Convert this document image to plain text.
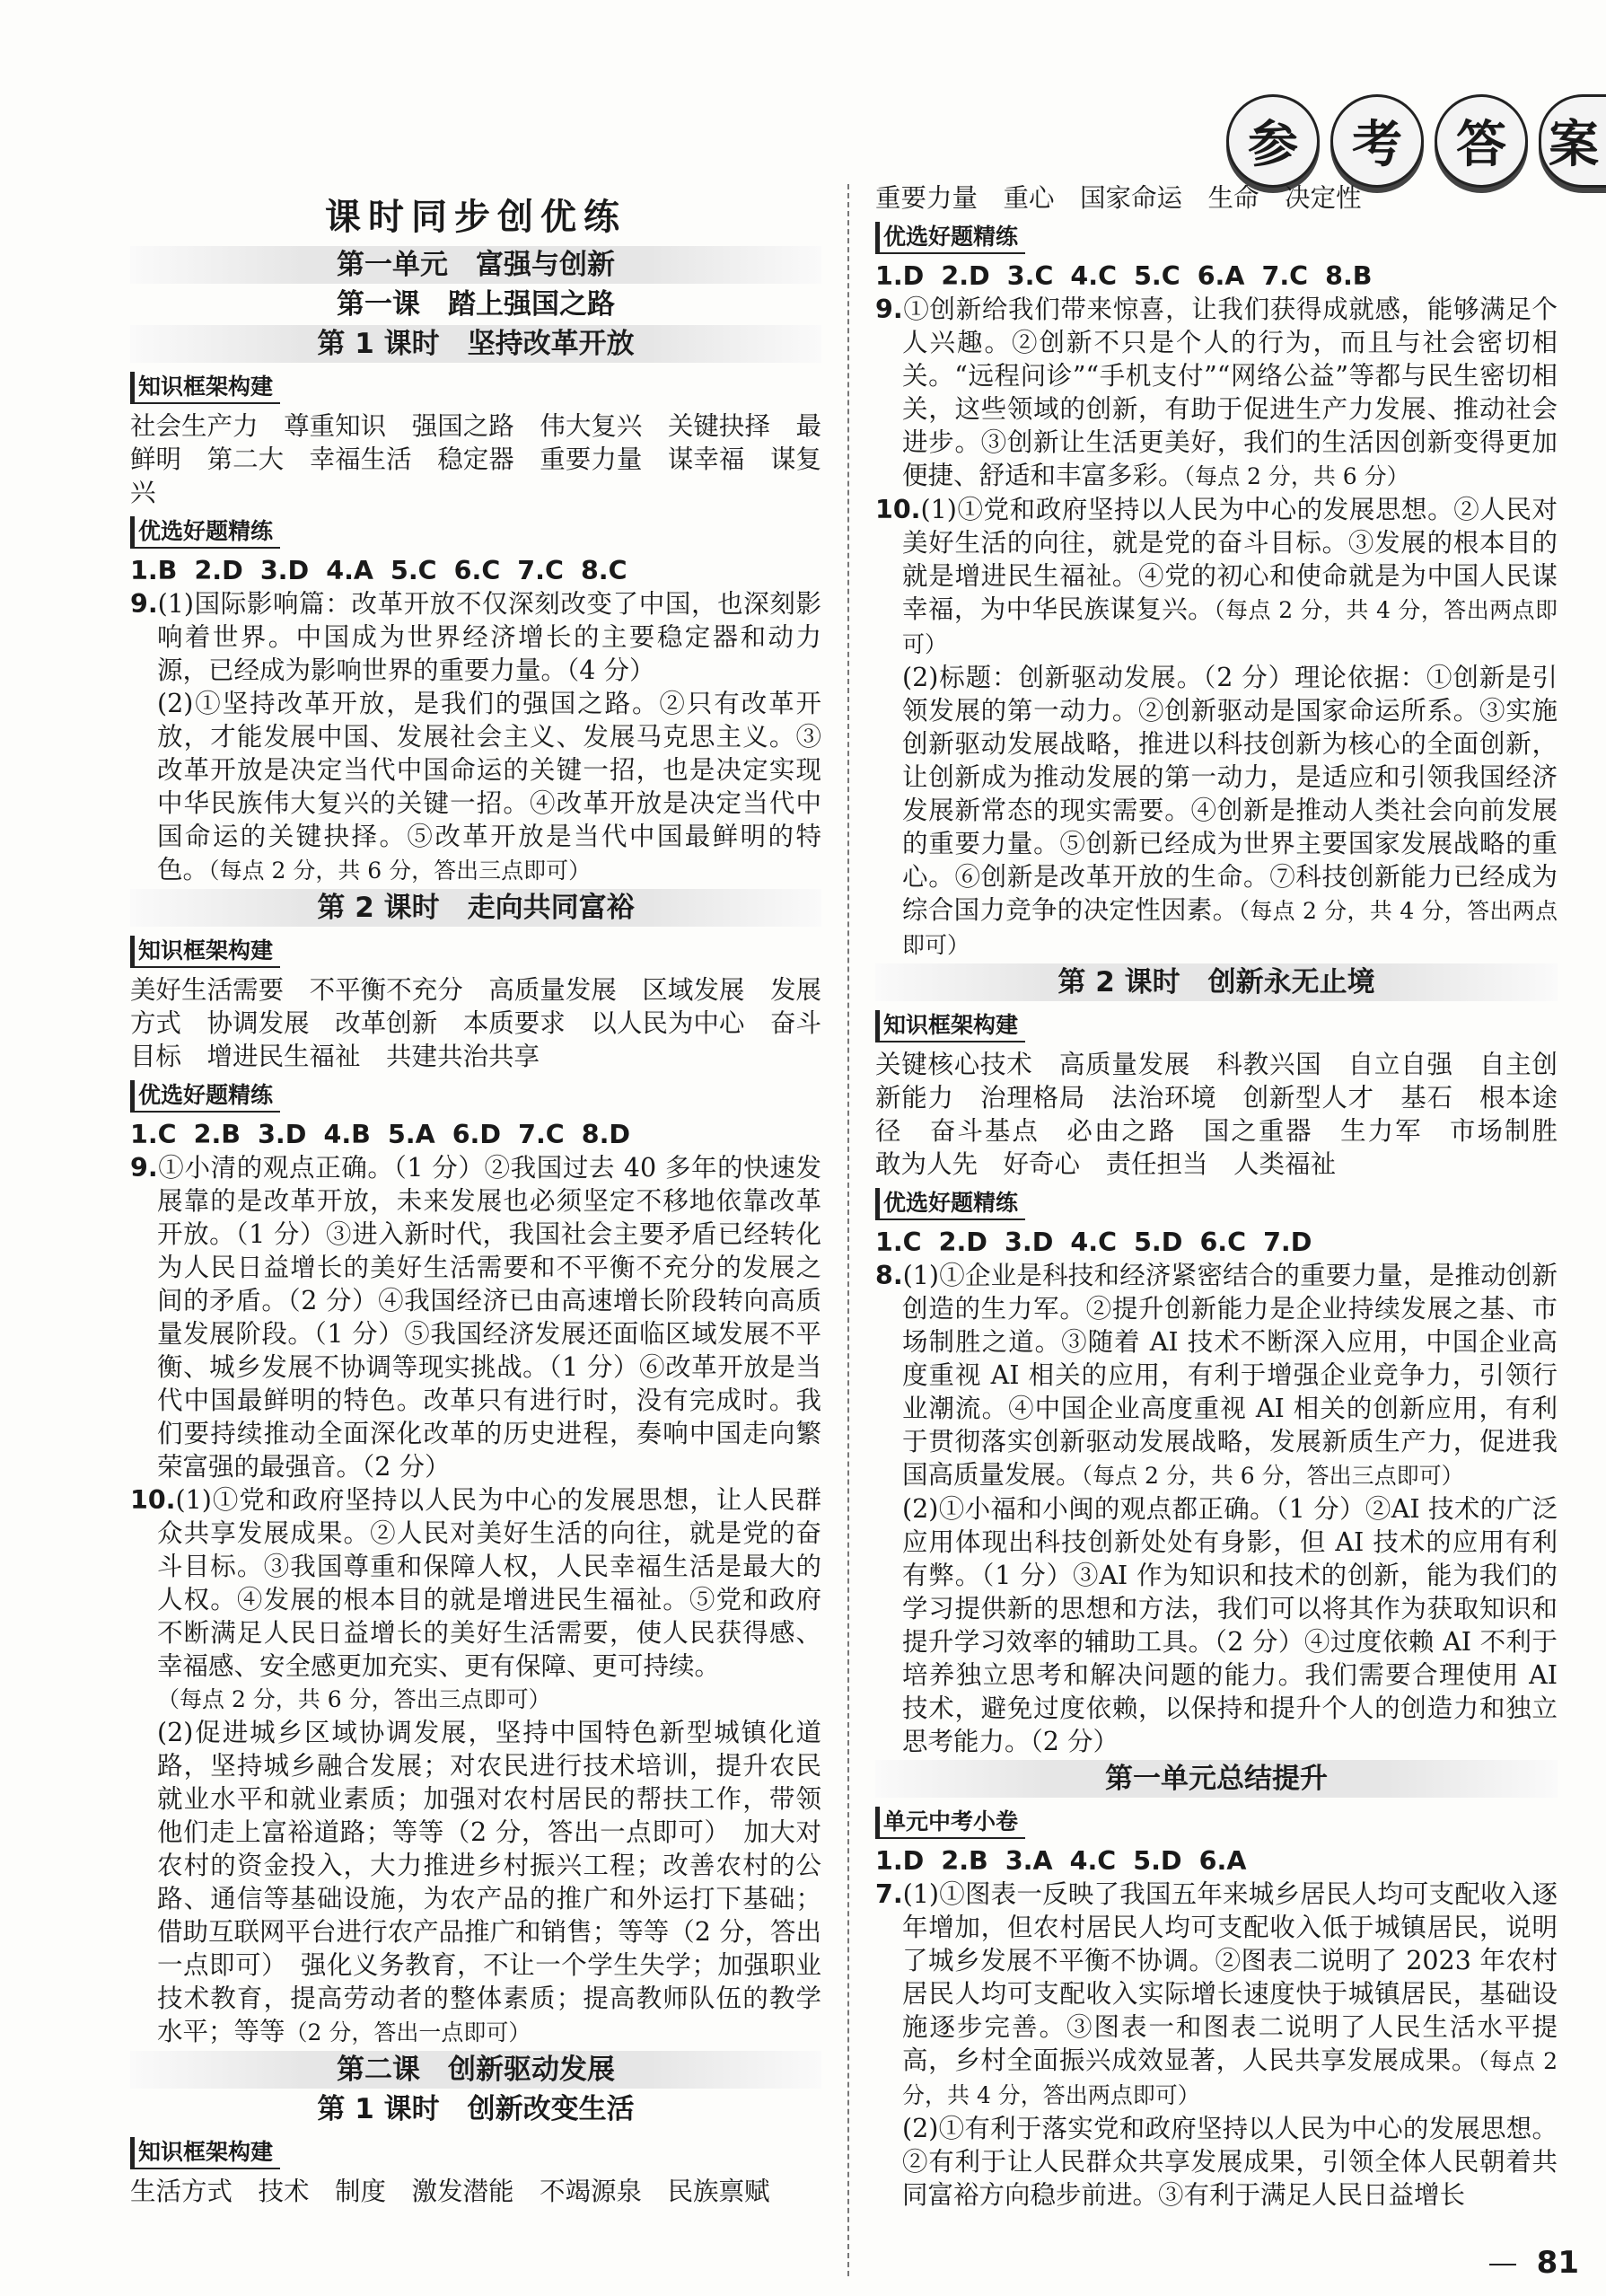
参	考	答 案
课时同步创优练
第一单元　富强与创新
第一课　踏上强国之路
第 1 课时　坚持改革开放
知识框架构建

社会生产力　尊重知识　强国之路　伟大复兴　关键抉择　最鲜明　第二大　幸福生活　稳定器　重要力量　谋幸福　谋复兴

优选好题精练

1.B 2.D 3.D 4.A 5.C 6.C 7.C 8.C

9.(1)国际影响篇：改革开放不仅深刻改变了中国，也深刻影响着世界。中国成为世界经济增长的主要稳定器和动力源，已经成为影响世界的重要力量。（4 分）

(2)①坚持改革开放，是我们的强国之路。②只有改革开放，才能发展中国、发展社会主义、发展马克思主义。③改革开放是决定当代中国命运的关键一招，也是决定实现中华民族伟大复兴的关键一招。④改革开放是决定当代中国命运的关键抉择。⑤改革开放是当代中国最鲜明的特色。（每点 2 分，共 6 分，答出三点即可）

第 2 课时　走向共同富裕
知识框架构建

美好生活需要　不平衡不充分　高质量发展　区域发展　发展方式　协调发展　改革创新　本质要求　以人民为中心　奋斗目标　增进民生福祉　共建共治共享

优选好题精练

1.C 2.B 3.D 4.B 5.A 6.D 7.C 8.D

9.①小清的观点正确。（1 分）②我国过去 40 多年的快速发展靠的是改革开放，未来发展也必须坚定不移地依靠改革开放。（1 分）③进入新时代，我国社会主要矛盾已经转化为人民日益增长的美好生活需要和不平衡不充分的发展之间的矛盾。（2 分）④我国经济已由高速增长阶段转向高质量发展阶段。（1 分）⑤我国经济发展还面临区域发展不平衡、城乡发展不协调等现实挑战。（1 分）⑥改革开放是当代中国最鲜明的特色。改革只有进行时，没有完成时。我们要持续推动全面深化改革的历史进程，奏响中国走向繁荣富强的最强音。（2 分）

10.(1)①党和政府坚持以人民为中心的发展思想，让人民群众共享发展成果。②人民对美好生活的向往，就是党的奋斗目标。③我国尊重和保障人权，人民幸福生活是最大的人权。④发展的根本目的就是增进民生福祉。⑤党和政府不断满足人民日益增长的美好生活需要，使人民获得感、幸福感、安全感更加充实、更有保障、更可持续。

（每点 2 分，共 6 分，答出三点即可）

(2)促进城乡区域协调发展，坚持中国特色新型城镇化道路，坚持城乡融合发展；对农民进行技术培训，提升农民就业水平和就业素质；加强对农村居民的帮扶工作，带领他们走上富裕道路；等等（2 分，答出一点即可）　加大对农村的资金投入，大力推进乡村振兴工程；改善农村的公路、通信等基础设施，为农产品的推广和外运打下基础；借助互联网平台进行农产品推广和销售；等等（2 分，答出一点即可）　强化义务教育，不让一个学生失学；加强职业技术教育，提高劳动者的整体素质；提高教师队伍的教学水平；等等（2 分，答出一点即可）

第二课　创新驱动发展
第 1 课时　创新改变生活
知识框架构建

生活方式　技术　制度　激发潜能　不竭源泉　民族禀赋

重要力量　重心　国家命运　生命　决定性

优选好题精练

1.D 2.D 3.C 4.C 5.C 6.A 7.C 8.B

9.①创新给我们带来惊喜，让我们获得成就感，能够满足个人兴趣。②创新不只是个人的行为，而且与社会密切相关。“远程问诊”“手机支付”“网络公益”等都与民生密切相关，这些领域的创新，有助于促进生产力发展、推动社会进步。③创新让生活更美好，我们的生活因创新变得更加便捷、舒适和丰富多彩。（每点 2 分，共 6 分）

10.(1)①党和政府坚持以人民为中心的发展思想。②人民对美好生活的向往，就是党的奋斗目标。③发展的根本目的就是增进民生福祉。④党的初心和使命就是为中国人民谋幸福，为中华民族谋复兴。（每点 2 分，共 4 分，答出两点即可）

(2)标题：创新驱动发展。（2 分）理论依据：①创新是引领发展的第一动力。②创新驱动是国家命运所系。③实施创新驱动发展战略，推进以科技创新为核心的全面创新，让创新成为推动发展的第一动力，是适应和引领我国经济发展新常态的现实需要。④创新是推动人类社会向前发展的重要力量。⑤创新已经成为世界主要国家发展战略的重心。⑥创新是改革开放的生命。⑦科技创新能力已经成为综合国力竞争的决定性因素。（每点 2 分，共 4 分，答出两点即可）

第 2 课时　创新永无止境
知识框架构建

关键核心技术　高质量发展　科教兴国　自立自强　自主创新能力　治理格局　法治环境　创新型人才　基石　根本途径　奋斗基点　必由之路　国之重器　生力军　市场制胜　敢为人先　好奇心　责任担当　人类福祉

优选好题精练

1.C 2.D 3.D 4.C 5.D 6.C 7.D

8.(1)①企业是科技和经济紧密结合的重要力量，是推动创新创造的生力军。②提升创新能力是企业持续发展之基、市场制胜之道。③随着 AI 技术不断深入应用，中国企业高度重视 AI 相关的应用，有利于增强企业竞争力，引领行业潮流。④中国企业高度重视 AI 相关的创新应用，有利于贯彻落实创新驱动发展战略，发展新质生产力，促进我国高质量发展。（每点 2 分，共 6 分，答出三点即可）

(2)①小福和小闽的观点都正确。（1 分）②AI 技术的广泛应用体现出科技创新处处有身影，但 AI 技术的应用有利有弊。（1 分）③AI 作为知识和技术的创新，能为我们的学习提供新的思想和方法，我们可以将其作为获取知识和提升学习效率的辅助工具。（2 分）④过度依赖 AI 不利于培养独立思考和解决问题的能力。我们需要合理使用 AI 技术，避免过度依赖，以保持和提升个人的创造力和独立思考能力。（2 分）

第一单元总结提升
单元中考小卷

1.D 2.B 3.A 4.C 5.D 6.A

7.(1)①图表一反映了我国五年来城乡居民人均可支配收入逐年增加，但农村居民人均可支配收入低于城镇居民，说明了城乡发展不平衡不协调。②图表二说明了 2023 年农村居民人均可支配收入实际增长速度快于城镇居民，基础设施逐步完善。③图表一和图表二说明了人民生活水平提高，乡村全面振兴成效显著，人民共享发展成果。（每点 2 分，共 4 分，答出两点即可）

(2)①有利于落实党和政府坚持以人民为中心的发展思想。②有利于让人民群众共享发展成果，引领全体人民朝着共同富裕方向稳步前进。③有利于满足人民日益增长

81
